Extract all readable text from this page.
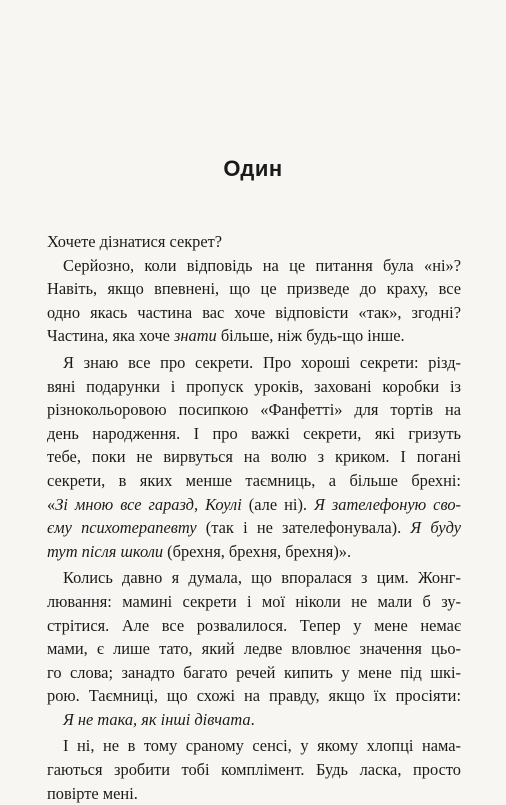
Один
Хочете дізнатися секрет?
Серйозно, коли відповідь на це питання була «ні»?
Навіть, якщо впевнені, що це призведе до краху, все
одно якась частина вас хоче відповісти «так», згодні?
Частина, яка хоче знати більше, ніж будь-що інше.
Я знаю все про секрети. Про хороші секрети: різд-
вяні подарунки і пропуск уроків, заховані коробки із
різнокольоровою посипкою «Фанфетті» для тортів на
день народження. І про важкі секрети, які гризуть
тебе, поки не вирвуться на волю з криком. І погані
секрети, в яких менше таємниць, а більше брехні:
«Зі мною все гаразд, Коулі (але ні). Я зателефоную сво-
єму психотерапевту (так і не зателефонувала). Я буду
тут після школи (брехня, брехня, брехня)».
Колись давно я думала, що впоралася з цим. Жонг-
лювання: мамині секрети і мої ніколи не мали б зу-
стрітися. Але все розвалилося. Тепер у мене немає
мами, є лише тато, який ледве вловлює значення цьо-
го слова; занадто багато речей кипить у мене під шкі-
рою. Таємниці, що схожі на правду, якщо їх просіяти:
Я не така, як інші дівчата.
І ні, не в тому сраному сенсі, у якому хлопці нама-
гаються зробити тобі комплімент. Будь ласка, просто
повірте мені.
